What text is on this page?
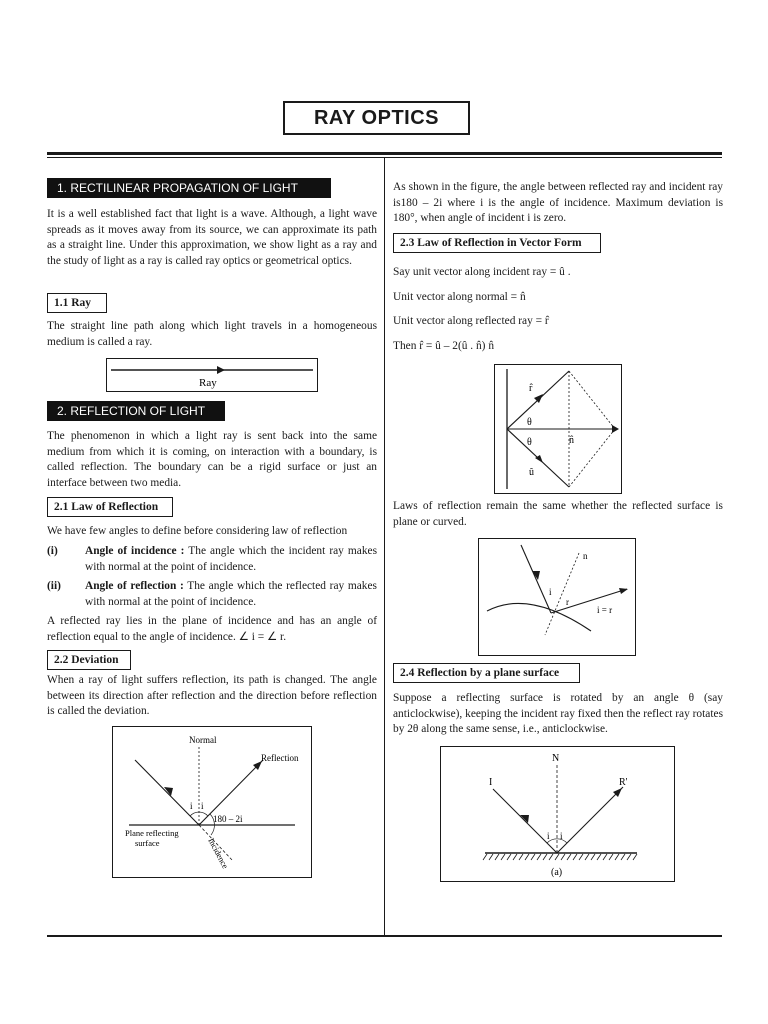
RAY OPTICS
1. RECTILINEAR PROPAGATION OF LIGHT

It is a well established fact that light is a wave. Although, a light wave spreads as it moves away from its source, we can approximate its path as a straight line. Under this approximation, we show light as a ray and the study of light as a ray is called ray optics or geometrical optics.

1.1 Ray

The straight line path along which light travels in a homogeneous medium is called a ray.

Ray
2. REFLECTION OF LIGHT

The phenomenon in which a light ray is sent back into the same medium from which it is coming, on interaction with a boundary, is called reflection. The boundary can be a rigid surface or just an interface between two media.

2.1 Law of Reflection

We have few angles to define before considering law of reflection

(i) Angle of incidence : The angle which the incident ray makes with normal at the point of incidence.
(ii) Angle of reflection : The angle which the reflected ray makes with normal at the point of incidence.

A reflected ray lies in the plane of incidence and has an angle of reflection equal to the angle of incidence. ∠ i = ∠ r.

2.2 Deviation

When a ray of light suffers reflection, its path is changed. The angle between its direction after reflection and the direction before reflection is called the deviation.

Normal
Reflection
i i
180 – 2i
Plane reflecting
surface	Incidence

As shown in the figure, the angle between reflected ray and incident ray is180 – 2i where i is the angle of incidence. Maximum deviation is 180°, when angle of incident i is zero.

2.3 Law of Reflection in Vector Form

Say unit vector along incident ray = û .

Unit vector along normal = n̂

Unit vector along reflected ray = r̂

Then r̂ = û – 2(û . n̂) n̂

r̂
θ
θ	n̂
û

Laws of reflection remain the same whether the reflected surface is plane or curved.

n
i
r
i = r
2.4 Reflection by a plane surface

Suppose a reflecting surface is rotated by an angle θ (say anticlockwise), keeping the incident ray fixed then the reflect ray rotates by 2θ along the same sense, i.e., anticlockwise.

N
I	R'
i i
(a)
